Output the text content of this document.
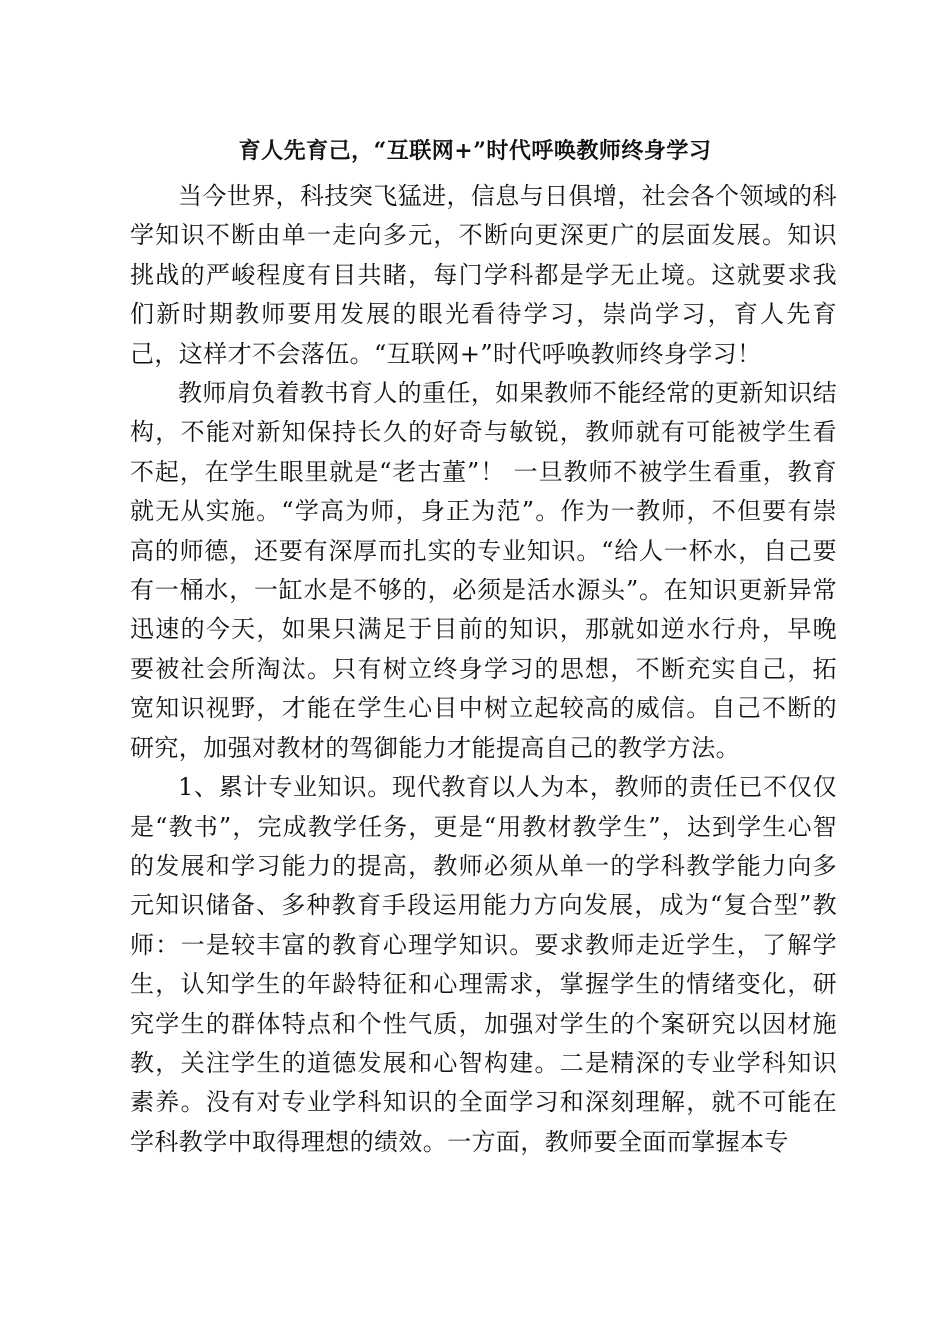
育人先育己，“互联网+”时代呼唤教师终身学习

当今世界，科技突飞猛进，信息与日俱增，社会各个领域的科学知识不断由单一走向多元，不断向更深更广的层面发展。知识挑战的严峻程度有目共睹，每门学科都是学无止境。这就要求我们新时期教师要用发展的眼光看待学习，崇尚学习，育人先育己，这样才不会落伍。“互联网+”时代呼唤教师终身学习！

教师肩负着教书育人的重任，如果教师不能经常的更新知识结构，不能对新知保持长久的好奇与敏锐，教师就有可能被学生看不起，在学生眼里就是“老古董”！ 一旦教师不被学生看重，教育就无从实施。“学高为师，身正为范”。作为一教师，不但要有崇高的师德，还要有深厚而扎实的专业知识。“给人一杯水，自己要有一桶水，一缸水是不够的，必须是活水源头”。在知识更新异常迅速的今天，如果只满足于目前的知识，那就如逆水行舟，早晚要被社会所淘汰。只有树立终身学习的思想，不断充实自己，拓宽知识视野，才能在学生心目中树立起较高的威信。自己不断的研究，加强对教材的驾御能力才能提高自己的教学方法。

1、累计专业知识。现代教育以人为本，教师的责任已不仅仅是“教书”，完成教学任务，更是“用教材教学生”，达到学生心智的发展和学习能力的提高，教师必须从单一的学科教学能力向多元知识储备、多种教育手段运用能力方向发展，成为“复合型”教师：一是较丰富的教育心理学知识。要求教师走近学生，了解学生，认知学生的年龄特征和心理需求，掌握学生的情绪变化，研究学生的群体特点和个性气质，加强对学生的个案研究以因材施教，关注学生的道德发展和心智构建。二是精深的专业学科知识素养。没有对专业学科知识的全面学习和深刻理解，就不可能在学科教学中取得理想的绩效。一方面，教师要全面而掌握本专
